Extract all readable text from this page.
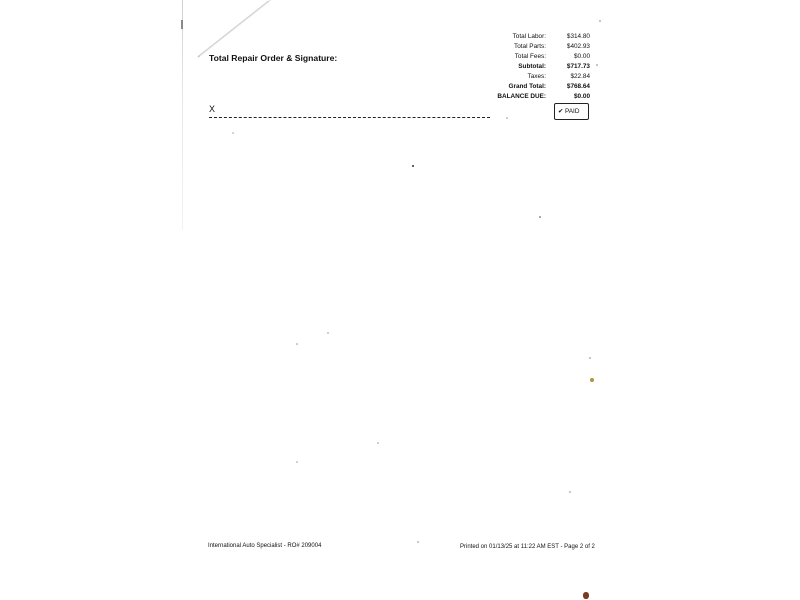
Total Labor:	$314.80
Total Parts:	$402.93
Total Fees:	$0.00
Subtotal:	$717.73
Taxes:	$22.84
Grand Total:	$768.64
BALANCE DUE:	$0.00
Total Repair Order & Signature:
X	✔ PAID
International Auto Specialist - RO# 209004	Printed on 01/13/25 at 11:22 AM EST - Page 2 of 2
